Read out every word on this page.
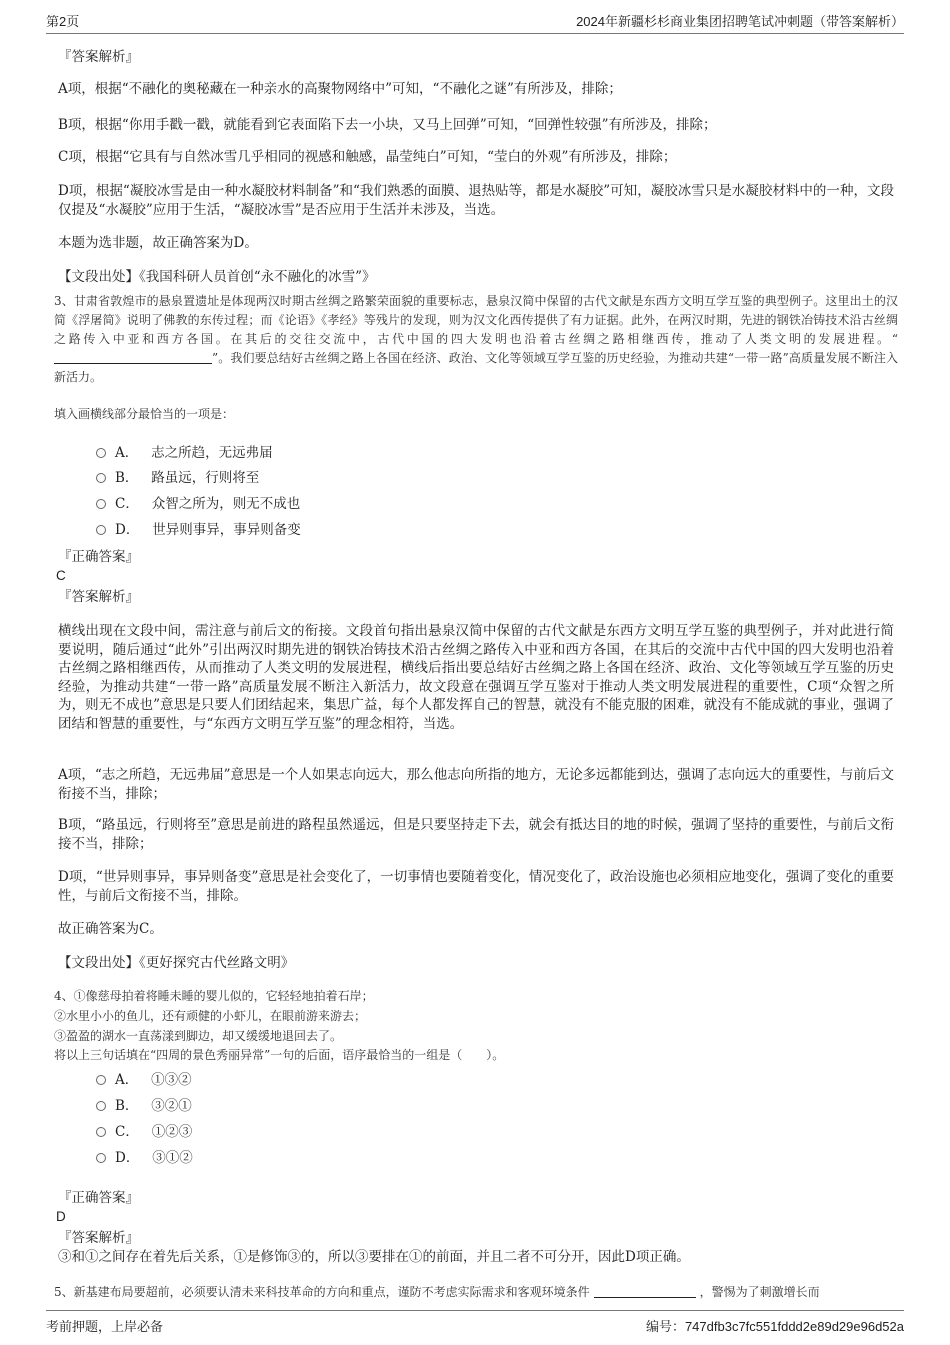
第2页	2024年新疆杉杉商业集团招聘笔试冲刺题（带答案解析）
『答案解析』
A项，根据“不融化的奥秘藏在一种亲水的高聚物网络中”可知，“不融化之谜”有所涉及，排除；
B项，根据“你用手戳一戳，就能看到它表面陷下去一小块，又马上回弹”可知，“回弹性较强”有所涉及，排除；
C项，根据“它具有与自然冰雪几乎相同的视感和触感，晶莹纯白”可知，“莹白的外观”有所涉及，排除；
D项，根据“凝胶冰雪是由一种水凝胶材料制备”和“我们熟悉的面膜、退热贴等，都是水凝胶”可知，凝胶冰雪只是水凝胶材料中的一种，文段仅提及“水凝胶”应用于生活，“凝胶冰雪”是否应用于生活并未涉及，当选。
本题为选非题，故正确答案为D。
【文段出处】《我国科研人员首创“永不融化的冰雪”》
3、甘肃省敦煌市的悬泉置遗址是体现两汉时期古丝绸之路繁荣面貌的重要标志，悬泉汉简中保留的古代文献是东西方文明互学互鉴的典型例子。这里出土的汉简《浮屠简》说明了佛教的东传过程；而《论语》《孝经》等残片的发现，则为汉文化西传提供了有力证据。此外，在两汉时期，先进的钢铁冶铸技术沿古丝绸之路传入中亚和西方各国。在其后的交往交流中，古代中国的四大发明也沿着古丝绸之路相继西传，推动了人类文明的发展进程。“”。我们要总结好古丝绸之路上各国在经济、政治、文化等领域互学互鉴的历史经验，为推动共建“一带一路”高质量发展不断注入新活力。
填入画横线部分最恰当的一项是：
A． 志之所趋，无远弗届
B． 路虽远，行则将至
C． 众智之所为，则无不成也
D． 世异则事异，事异则备变
『正确答案』
C
『答案解析』
横线出现在文段中间，需注意与前后文的衔接。文段首句指出悬泉汉简中保留的古代文献是东西方文明互学互鉴的典型例子，并对此进行简要说明，随后通过“此外”引出两汉时期先进的钢铁冶铸技术沿古丝绸之路传入中亚和西方各国，在其后的交流中古代中国的四大发明也沿着古丝绸之路相继西传，从而推动了人类文明的发展进程，横线后指出要总结好古丝绸之路上各国在经济、政治、文化等领域互学互鉴的历史经验，为推动共建“一带一路”高质量发展不断注入新活力，故文段意在强调互学互鉴对于推动人类文明发展进程的重要性，C项“众智之所为，则无不成也”意思是只要人们团结起来，集思广益，每个人都发挥自己的智慧，就没有不能克服的困难，就没有不能成就的事业，强调了团结和智慧的重要性，与“东西方文明互学互鉴”的理念相符，当选。
A项，“志之所趋，无远弗届”意思是一个人如果志向远大，那么他志向所指的地方，无论多远都能到达，强调了志向远大的重要性，与前后文衔接不当，排除；
B项，“路虽远，行则将至”意思是前进的路程虽然遥远，但是只要坚持走下去，就会有抵达目的地的时候，强调了坚持的重要性，与前后文衔接不当，排除；
D项，“世异则事异，事异则备变”意思是社会变化了，一切事情也要随着变化，情况变化了，政治设施也必须相应地变化，强调了变化的重要性，与前后文衔接不当，排除。
故正确答案为C。
【文段出处】《更好探究古代丝路文明》
4、①像慈母拍着将睡未睡的婴儿似的，它轻轻地拍着石岸；
②水里小小的鱼儿，还有顽健的小虾儿，在眼前游来游去；
③盈盈的湖水一直荡漾到脚边，却又缓缓地退回去了。
将以上三句话填在“四周的景色秀丽异常”一句的后面，语序最恰当的一组是（　　）。
A． ①③②
B． ③②①
C． ①②③
D． ③①②
『正确答案』
D
『答案解析』
③和①之间存在着先后关系，①是修饰③的，所以③要排在①的前面，并且二者不可分开，因此D项正确。
5、新基建布局要超前，必须要认清未来科技革命的方向和重点，谨防不考虑实际需求和客观环境条件	，警惕为了刺激增长而
考前押题，上岸必备	编号：747dfb3c7fc551fddd2e89d29e96d52a
